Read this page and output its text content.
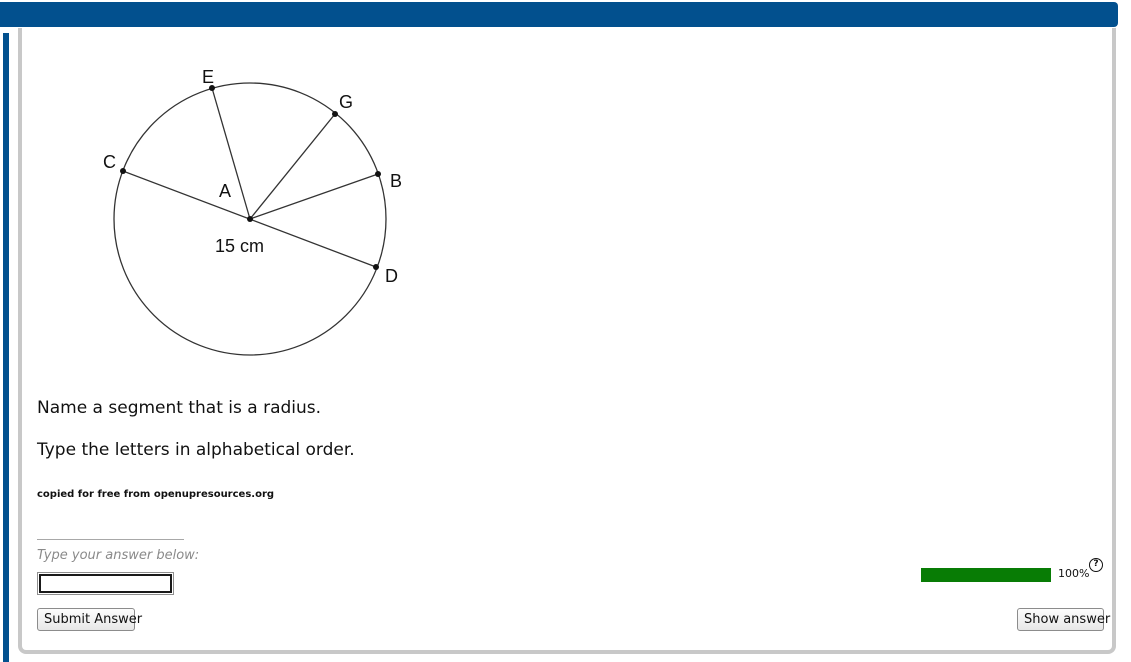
E
G
C
B
A
D
15 cm

Name a segment that is a radius.

Type the letters in alphabetical order.

copied for free from openupresources.org
Type your answer below:
Submit Answer
100%
?
Show answer
